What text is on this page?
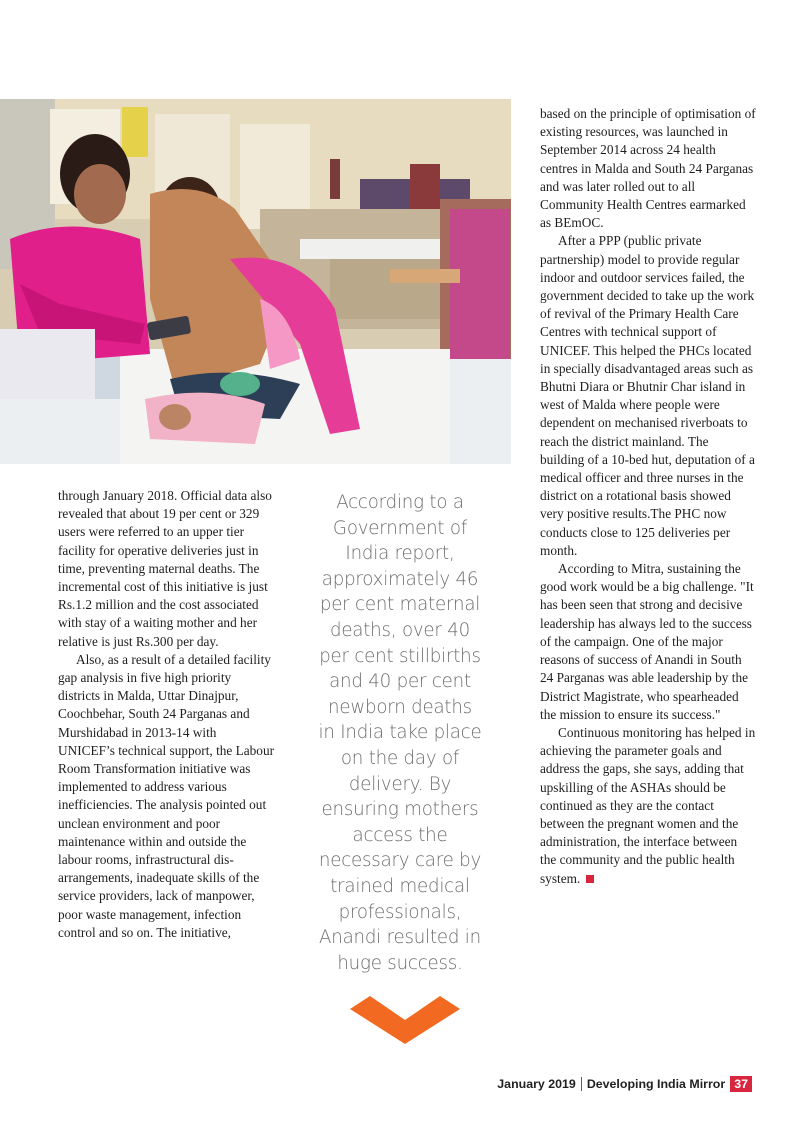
through January 2018. Official data also revealed that about 19 per cent or 329 users were referred to an upper tier facility for operative deliveries just in time, preventing maternal deaths. The incremental cost of this initiative is just Rs.1.2 million and the cost associated with stay of a waiting mother and her relative is just Rs.300 per day.

Also, as a result of a detailed facility gap analysis in five high priority districts in Malda, Uttar Dinajpur, Coochbehar, South 24 Parganas and Murshidabad in 2013-14 with UNICEF’s technical support, the Labour Room Transformation initiative was implemented to address various inefficiencies. The analysis pointed out unclean environment and poor maintenance within and outside the labour rooms, infrastructural dis-arrangements, inadequate skills of the service providers, lack of manpower, poor waste management, infection control and so on. The initiative,

According to a Government of India report, approximately 46 per cent maternal deaths, over 40 per cent stillbirths and 40 per cent newborn deaths in India take place on the day of delivery. By ensuring mothers access the necessary care by trained medical professionals, Anandi resulted in huge success.

based on the principle of optimisation of existing resources, was launched in September 2014 across 24 health centres in Malda and South 24 Parganas and was later rolled out to all Community Health Centres earmarked as BEmOC.

After a PPP (public private partnership) model to provide regular indoor and outdoor services failed, the government decided to take up the work of revival of the Primary Health Care Centres with technical support of UNICEF. This helped the PHCs located in specially disadvantaged areas such as Bhutni Diara or Bhutnir Char island in west of Malda where people were dependent on mechanised riverboats to reach the district mainland. The building of a 10-bed hut, deputation of a medical officer and three nurses in the district on a rotational basis showed very positive results.The PHC now conducts close to 125 deliveries per month.

According to Mitra, sustaining the good work would be a big challenge. "It has been seen that strong and decisive leadership has always led to the success of the campaign. One of the major reasons of success of Anandi in South 24 Parganas was able leadership by the District Magistrate, who spearheaded the mission to ensure its success."

Continuous monitoring has helped in achieving the parameter goals and address the gaps, she says, adding that upskilling of the ASHAs should be continued as they are the contact between the pregnant women and the administration, the interface between the community and the public health system.

January 2019 Developing India Mirror 37
